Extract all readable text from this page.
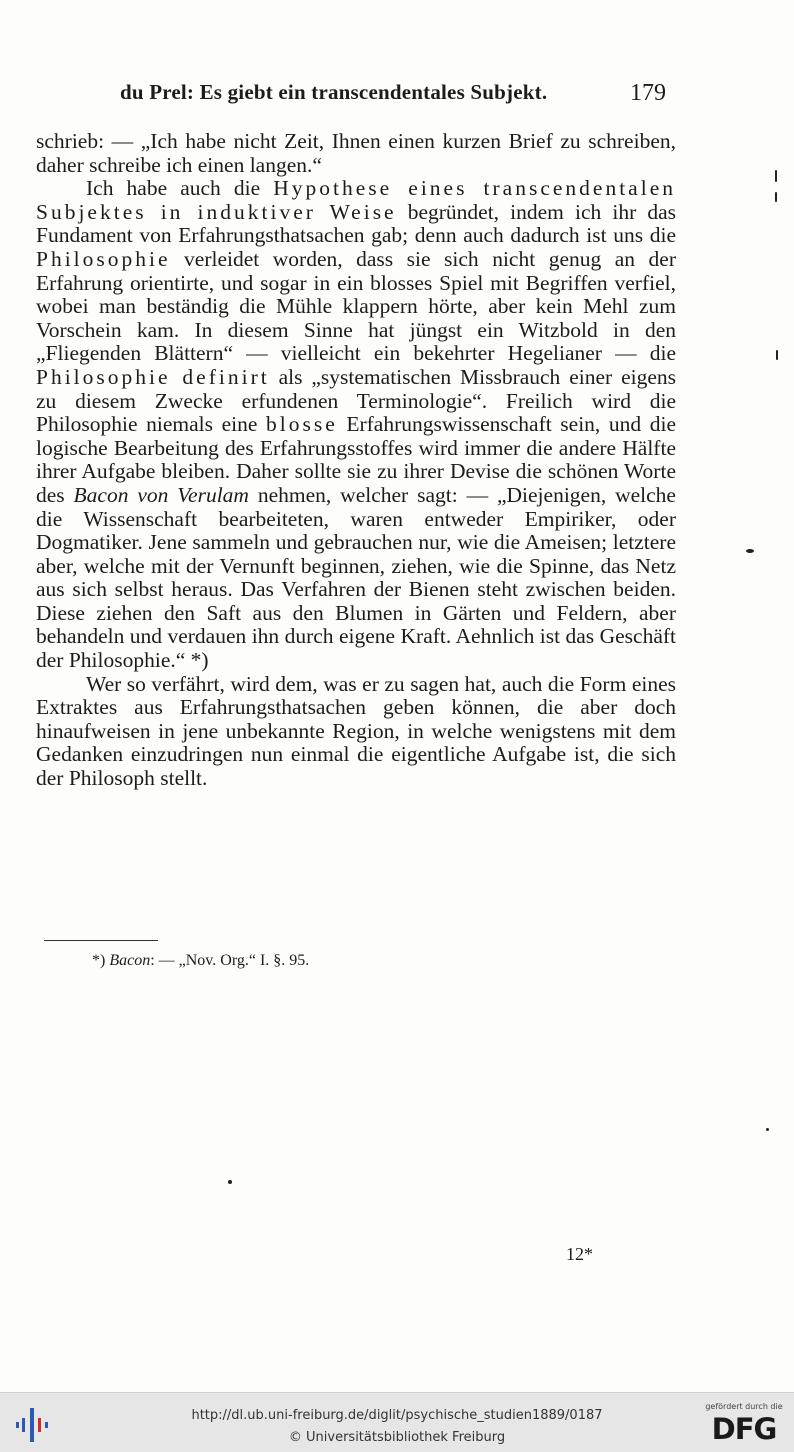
du Prel: Es giebt ein transcendentales Subjekt.	179

schrieb: — „Ich habe nicht Zeit, Ihnen einen kurzen Brief zu schreiben, daher schreibe ich einen langen.“

Ich habe auch die Hypothese eines transcendentalen Subjektes in induktiver Weise begründet, indem ich ihr das Fundament von Erfahrungsthatsachen gab; denn auch dadurch ist uns die Philosophie verleidet worden, dass sie sich nicht genug an der Erfahrung orientirte, und sogar in ein blosses Spiel mit Begriffen verfiel, wobei man beständig die Mühle klappern hörte, aber kein Mehl zum Vorschein kam. In diesem Sinne hat jüngst ein Witzbold in den „Fliegenden Blättern“ — vielleicht ein bekehrter Hegelianer — die Philosophie definirt als „systematischen Missbrauch einer eigens zu diesem Zwecke erfundenen Terminologie“. Freilich wird die Philosophie niemals eine blosse Erfahrungswissenschaft sein, und die logische Bearbeitung des Erfahrungsstoffes wird immer die andere Hälfte ihrer Aufgabe bleiben. Daher sollte sie zu ihrer Devise die schönen Worte des Bacon von Verulam nehmen, welcher sagt: — „Diejenigen, welche die Wissenschaft bearbeiteten, waren entweder Empiriker, oder Dogmatiker. Jene sammeln und gebrauchen nur, wie die Ameisen; letztere aber, welche mit der Vernunft beginnen, ziehen, wie die Spinne, das Netz aus sich selbst heraus. Das Verfahren der Bienen steht zwischen beiden. Diese ziehen den Saft aus den Blumen in Gärten und Feldern, aber behandeln und verdauen ihn durch eigene Kraft. Aehnlich ist das Geschäft der Philosophie.“ *)

Wer so verfährt, wird dem, was er zu sagen hat, auch die Form eines Extraktes aus Erfahrungsthatsachen geben können, die aber doch hinaufweisen in jene unbekannte Region, in welche wenigstens mit dem Gedanken einzudringen nun einmal die eigentliche Aufgabe ist, die sich der Philosoph stellt.

*) Bacon: — „Nov. Org.“ I. §. 95.
12*
http://dl.ub.uni-freiburg.de/diglit/psychische_studien1889/0187
© Universitätsbibliothek Freiburg
gefördert durch die
DFG
